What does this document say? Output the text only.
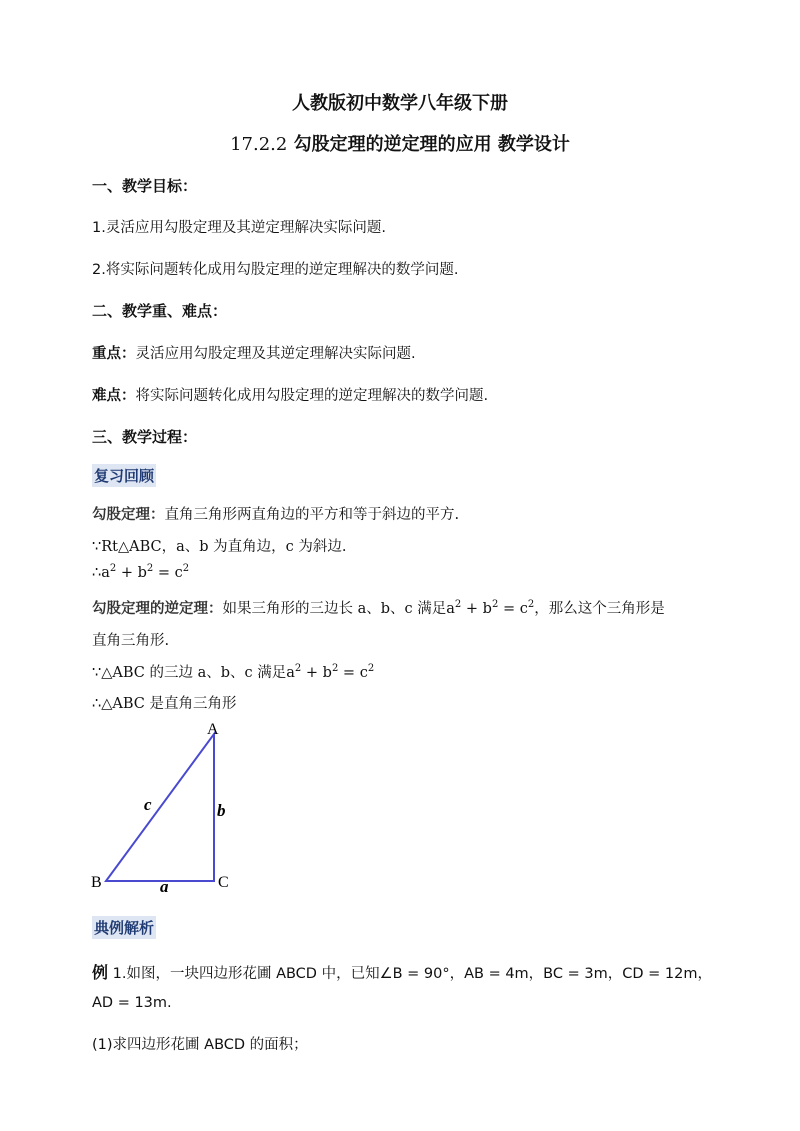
人教版初中数学八年级下册
17.2.2 勾股定理的逆定理的应用 教学设计
一、教学目标：
1.灵活应用勾股定理及其逆定理解决实际问题.
2.将实际问题转化成用勾股定理的逆定理解决的数学问题.
二、教学重、难点：
重点：灵活应用勾股定理及其逆定理解决实际问题.
难点：将实际问题转化成用勾股定理的逆定理解决的数学问题.
三、教学过程：
复习回顾
勾股定理：直角三角形两直角边的平方和等于斜边的平方.
∵Rt△ABC，a、b 为直角边，c 为斜边.
$\therefore a^2 + b^2 = c^2$
勾股定理的逆定理：如果三角形的三边长 a、b、c 满足$a^2 + b^2 = c^2$，那么这个三角形是
直角三角形.
∵△ABC 的三边 a、b、c 满足$a^2 + b^2 = c^2$
∴△ABC 是直角三角形
A
B	C
a
b
c
典例解析
例 1.如图，一块四边形花圃 ABCD 中，已知∠B = 90°，AB = 4m，BC = 3m，CD = 12m，
AD = 13m.
(1)求四边形花圃 ABCD 的面积；
